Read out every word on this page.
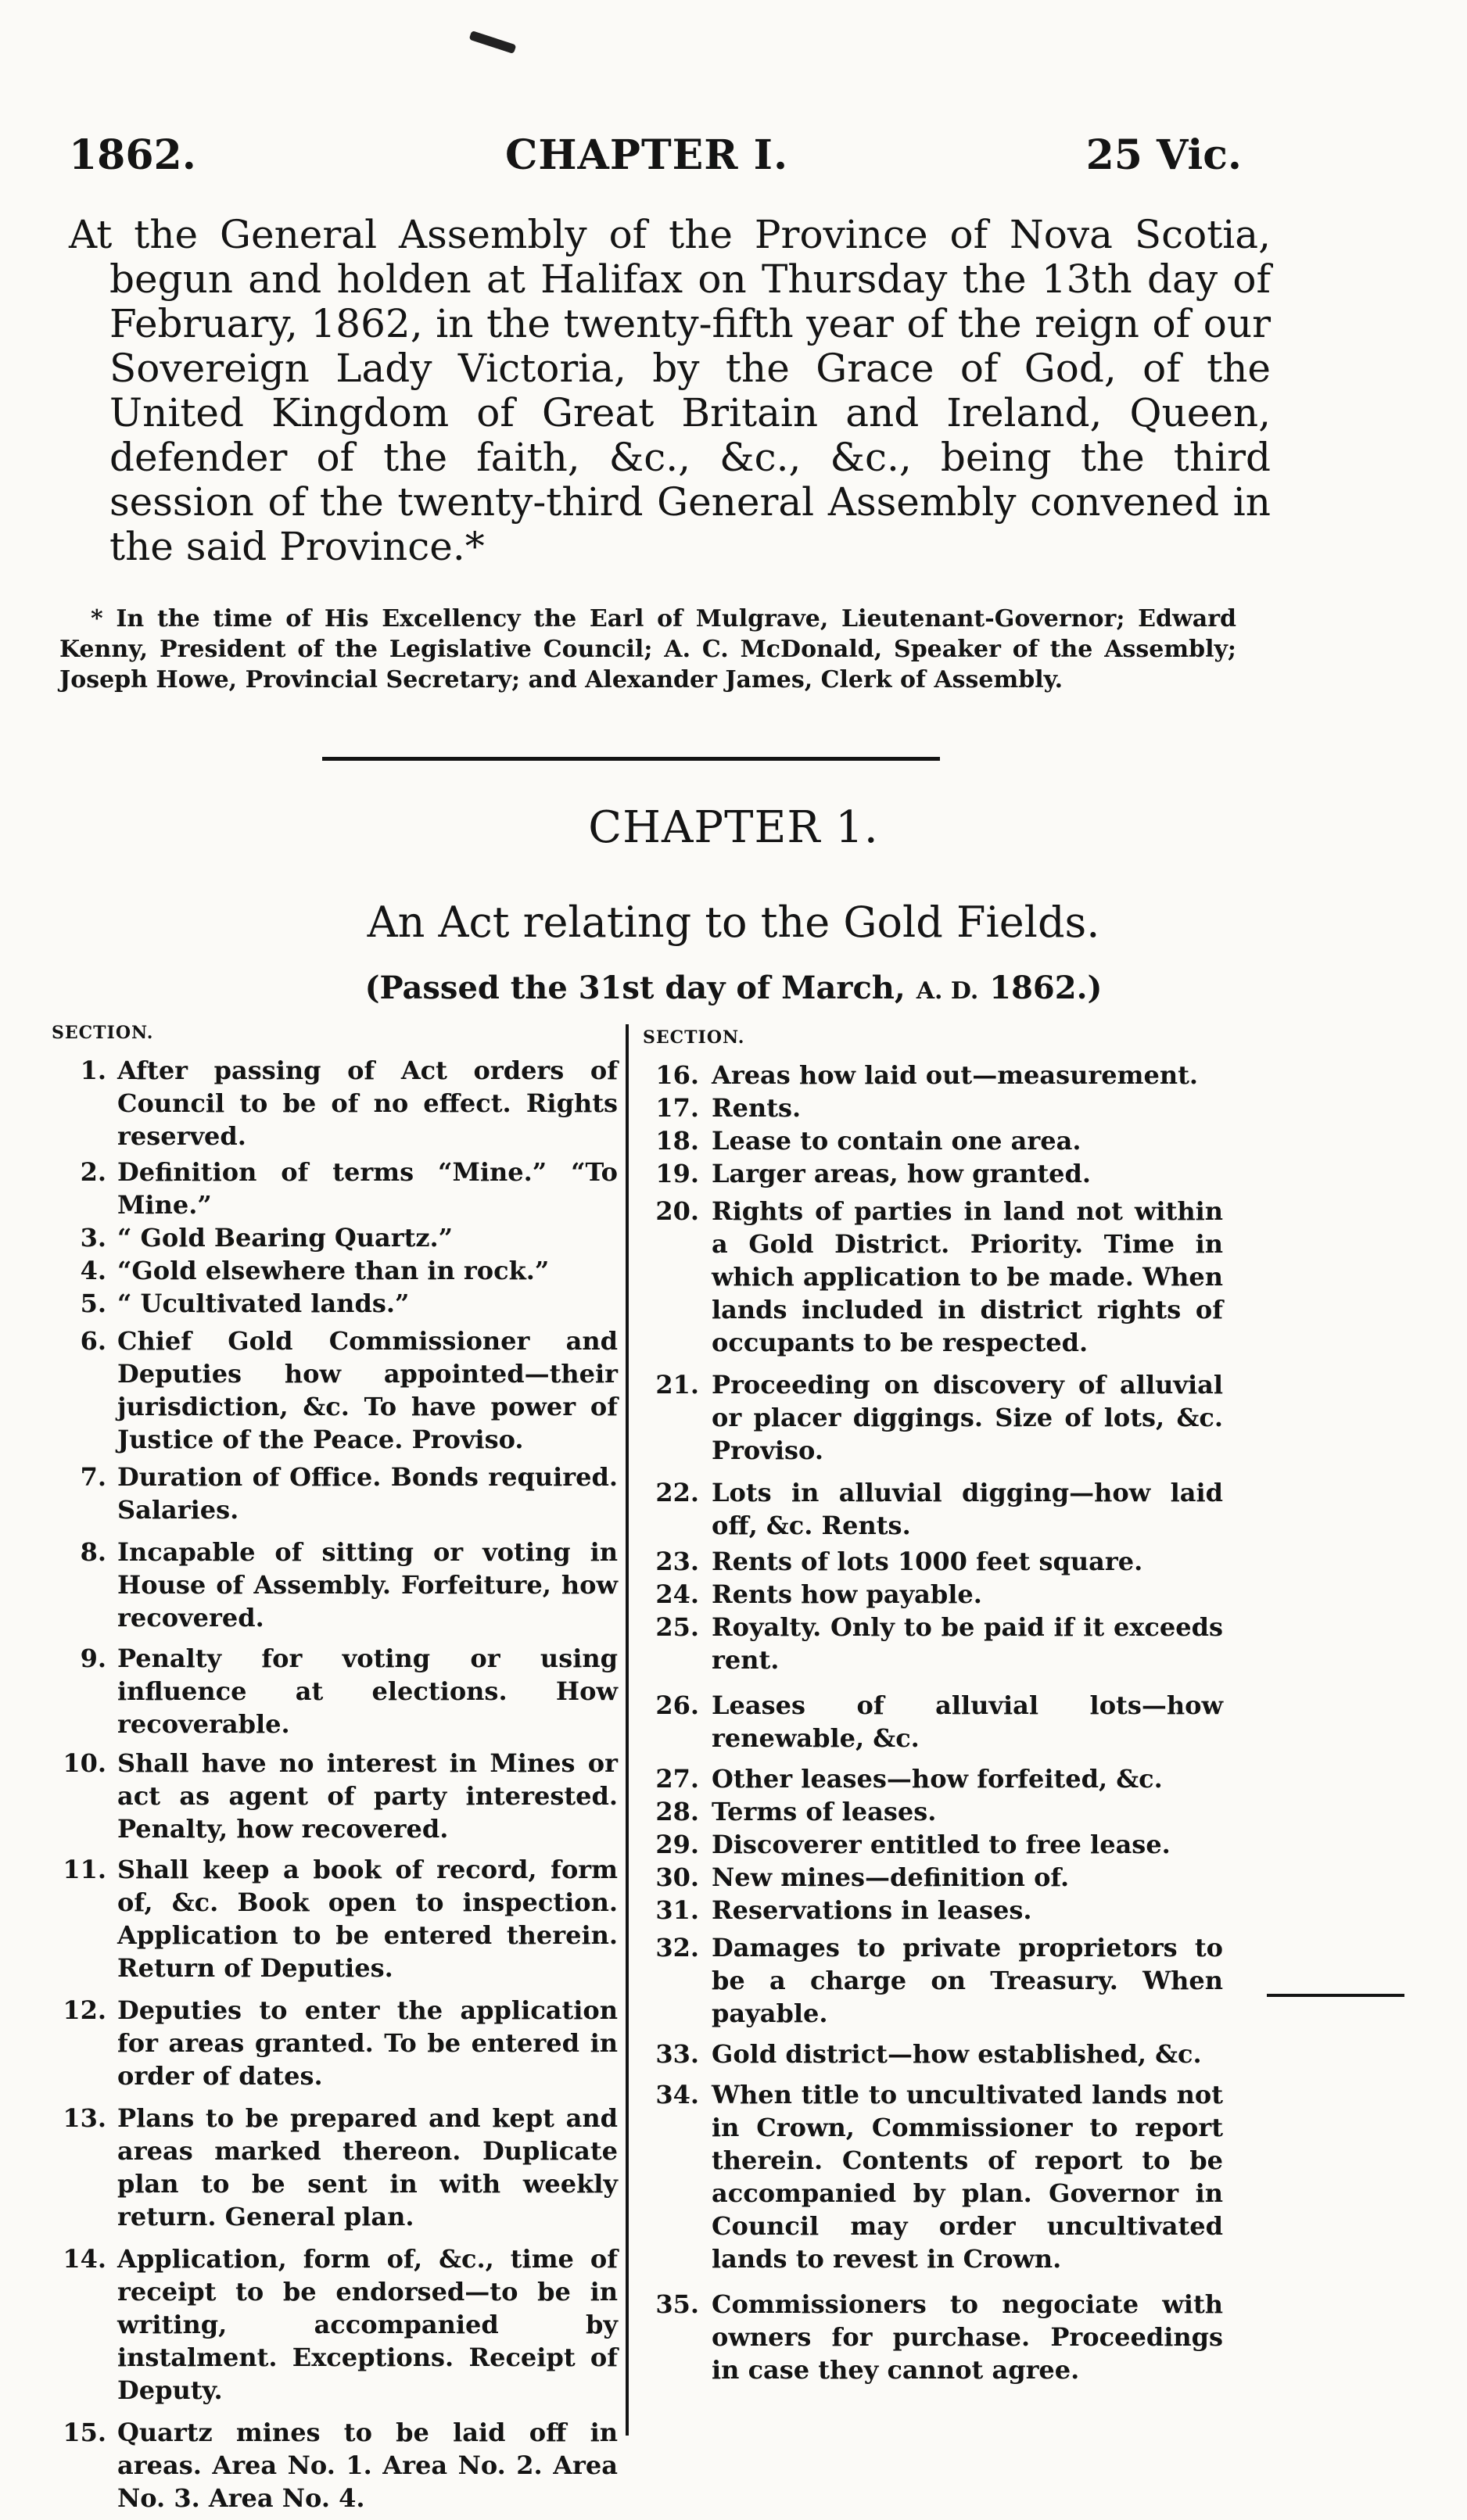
1862.	CHAPTER I.	25 Vic.
At the General Assembly of the Province of Nova Scotia, begun and holden at Halifax on Thursday the 13th day of February, 1862, in the twenty-fifth year of the reign of our Sovereign Lady Victoria, by the Grace of God, of the United Kingdom of Great Britain and Ireland, Queen, defender of the faith, &c., &c., &c., being the third session of the twenty-third General Assembly convened in the said Province.*
* In the time of His Excellency the Earl of Mulgrave, Lieutenant-Governor; Edward Kenny, President of the Legislative Council; A. C. McDonald, Speaker of the Assembly; Joseph Howe, Provincial Secretary; and Alexander James, Clerk of Assembly.
CHAPTER 1.
An Act relating to the Gold Fields.
(Passed the 31st day of March, A. D. 1862.)
SECTION.
1. After passing of Act orders of Council to be of no effect. Rights reserved.
2. Definition of terms “Mine.” “To Mine.”
3. “ Gold Bearing Quartz.”
4. “Gold elsewhere than in rock.”
5. “ Ucultivated lands.”
6. Chief Gold Commissioner and Deputies how appointed—their jurisdiction, &c. To have power of Justice of the Peace. Proviso.
7. Duration of Office. Bonds required. Salaries.
8. Incapable of sitting or voting in House of Assembly. Forfeiture, how recovered.
9. Penalty for voting or using influence at elections. How recoverable.
10. Shall have no interest in Mines or act as agent of party interested. Penalty, how recovered.
11. Shall keep a book of record, form of, &c. Book open to inspection. Application to be entered therein. Return of Deputies.
12. Deputies to enter the application for areas granted. To be entered in order of dates.
13. Plans to be prepared and kept and areas marked thereon. Duplicate plan to be sent in with weekly return. General plan.
14. Application, form of, &c., time of receipt to be endorsed—to be in writing, accompanied by instalment. Exceptions. Receipt of Deputy.
15. Quartz mines to be laid off in areas. Area No. 1. Area No. 2. Area No. 3. Area No. 4.
SECTION.
16. Areas how laid out—measurement.
17. Rents.
18. Lease to contain one area.
19. Larger areas, how granted.
20. Rights of parties in land not within a Gold District. Priority. Time in which application to be made. When lands included in district rights of occupants to be respected.
21. Proceeding on discovery of alluvial or placer diggings. Size of lots, &c. Proviso.
22. Lots in alluvial digging—how laid off, &c. Rents.
23. Rents of lots 1000 feet square.
24. Rents how payable.
25. Royalty. Only to be paid if it exceeds rent.
26. Leases of alluvial lots—how renewable, &c.
27. Other leases—how forfeited, &c.
28. Terms of leases.
29. Discoverer entitled to free lease.
30. New mines—definition of.
31. Reservations in leases.
32. Damages to private proprietors to be a charge on Treasury. When payable.
33. Gold district—how established, &c.
34. When title to uncultivated lands not in Crown, Commissioner to report therein. Contents of report to be accompanied by plan. Governor in Council may order uncultivated lands to revest in Crown.
35. Commissioners to negociate with owners for purchase. Proceedings in case they cannot agree.
